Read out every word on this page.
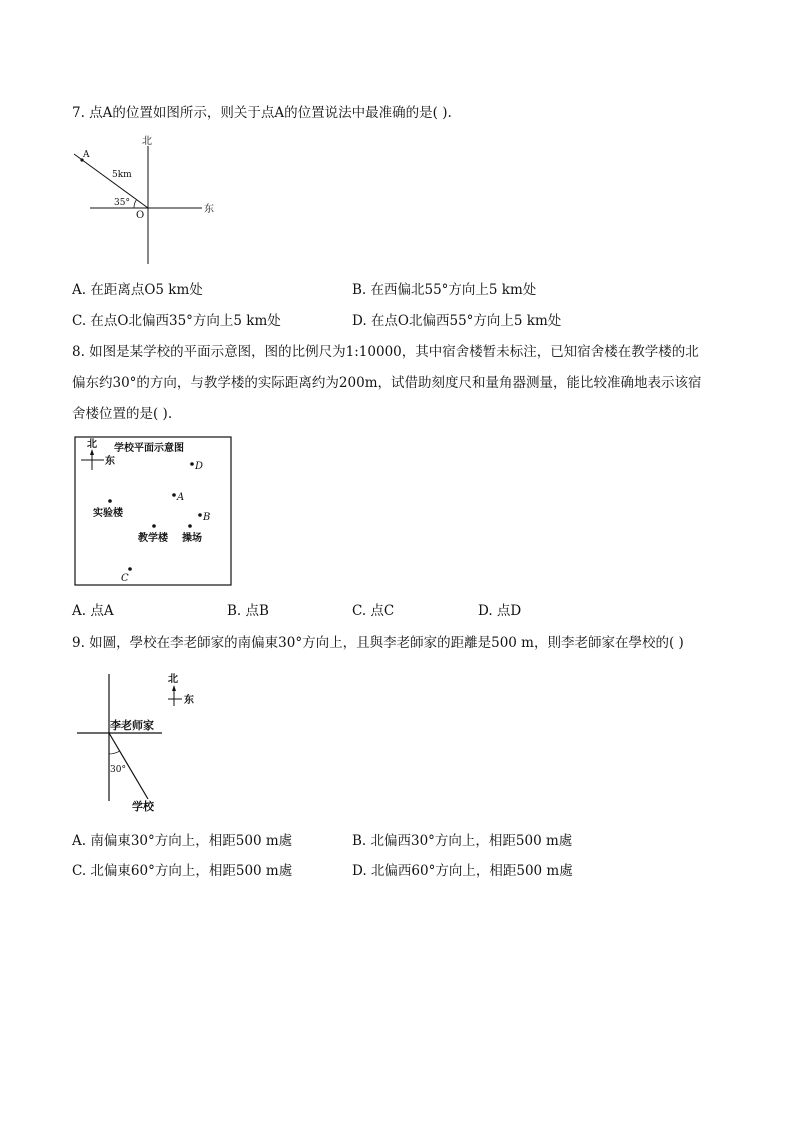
7. 点A的位置如图所示，则关于点A的位置说法中最准确的是( ).
北
东
A
O
5km
35°
A. 在距离点O5 km处	B. 在西偏北55°方向上5 km处
C. 在点O北偏西35°方向上5 km处	D. 在点O北偏西55°方向上5 km处
8. 如图是某学校的平面示意图，图的比例尺为1:10000，其中宿舍楼暂未标注，已知宿舍楼在教学楼的北
偏东约30°的方向，与教学楼的实际距离约为200m，试借助刻度尺和量角器测量，能比较准确地表示该宿
舍楼位置的是( ).
北
东
学校平面示意图
D
A
B
实验楼
教学楼 操场
C
A. 点A	B. 点B	C. 点C	D. 点D
9. 如圖，學校在李老師家的南偏東30°方向上，且與李老師家的距離是500 m，則李老師家在學校的( )
北
东
李老师家
30°
学校
A. 南偏東30°方向上，相距500 m處	B. 北偏西30°方向上，相距500 m處
C. 北偏東60°方向上，相距500 m處	D. 北偏西60°方向上，相距500 m處
